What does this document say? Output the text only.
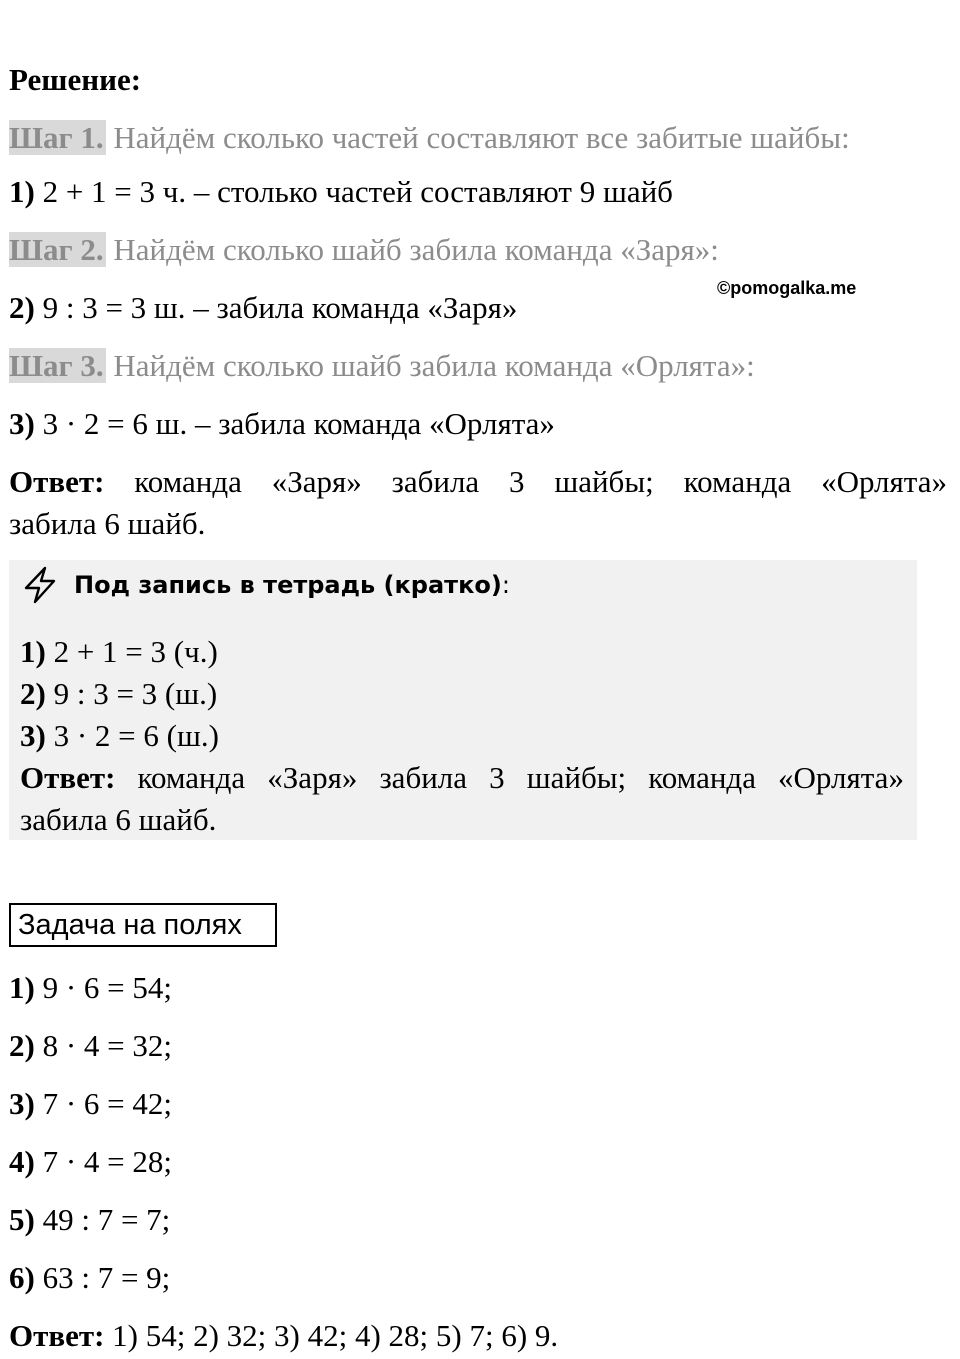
Решение:
Шаг 1. Найдём сколько частей составляют все забитые шайбы:
1) 2 + 1 = 3 ч. – столько частей составляют 9 шайб
Шаг 2. Найдём сколько шайб забила команда «Заря»:
©pomogalka.me
2) 9 : 3 = 3 ш. – забила команда «Заря»
Шаг 3. Найдём сколько шайб забила команда «Орлята»:
3) 3 · 2 = 6 ш. – забила команда «Орлята»
Ответ: команда «Заря» забила 3 шайбы; команда «Орлята»
забила 6 шайб.
Под запись в тетрадь (кратко) :
1) 2 + 1 = 3 (ч.)
2) 9 : 3 = 3 (ш.)
3) 3 · 2 = 6 (ш.)
Ответ: команда «Заря» забила 3 шайбы; команда «Орлята»
забила 6 шайб.
Задача на полях
1) 9 · 6 = 54;
2) 8 · 4 = 32;
3) 7 · 6 = 42;
4) 7 · 4 = 28;
5) 49 : 7 = 7;
6) 63 : 7 = 9;
Ответ: 1) 54; 2) 32; 3) 42; 4) 28; 5) 7; 6) 9.
